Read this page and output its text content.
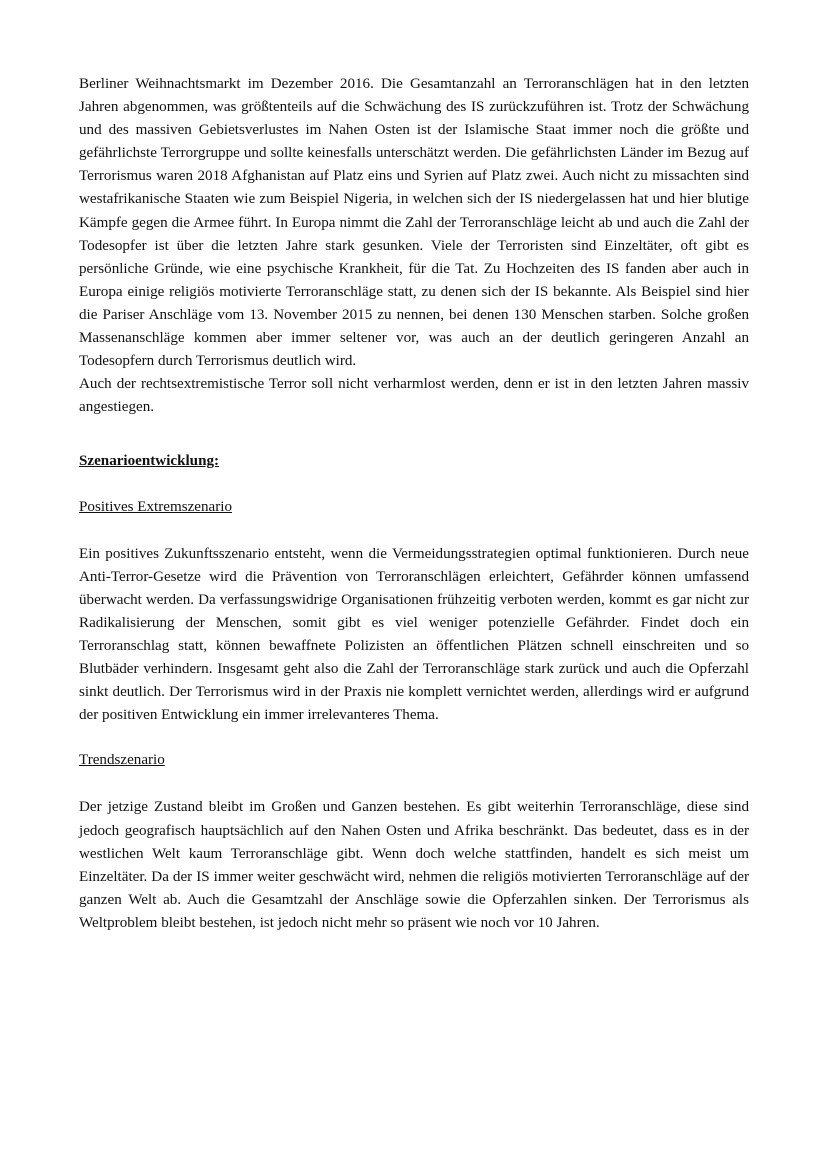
Berliner Weihnachtsmarkt im Dezember 2016. Die Gesamtanzahl an Terroranschlägen hat in den letzten Jahren abgenommen, was größtenteils auf die Schwächung des IS zurückzuführen ist. Trotz der Schwächung und des massiven Gebietsverlustes im Nahen Osten ist der Islamische Staat immer noch die größte und gefährlichste Terrorgruppe und sollte keinesfalls unterschätzt werden. Die gefährlichsten Länder im Bezug auf Terrorismus waren 2018 Afghanistan auf Platz eins und Syrien auf Platz zwei. Auch nicht zu missachten sind westafrikanische Staaten wie zum Beispiel Nigeria, in welchen sich der IS niedergelassen hat und hier blutige Kämpfe gegen die Armee führt. In Europa nimmt die Zahl der Terroranschläge leicht ab und auch die Zahl der Todesopfer ist über die letzten Jahre stark gesunken. Viele der Terroristen sind Einzeltäter, oft gibt es persönliche Gründe, wie eine psychische Krankheit, für die Tat. Zu Hochzeiten des IS fanden aber auch in Europa einige religiös motivierte Terroranschläge statt, zu denen sich der IS bekannte. Als Beispiel sind hier die Pariser Anschläge vom 13. November 2015 zu nennen, bei denen 130 Menschen starben. Solche großen Massenanschläge kommen aber immer seltener vor, was auch an der deutlich geringeren Anzahl an Todesopfern durch Terrorismus deutlich wird.

Auch der rechtsextremistische Terror soll nicht verharmlost werden, denn er ist in den letzten Jahren massiv angestiegen.

Szenarioentwicklung:
Positives Extremszenario

Ein positives Zukunftsszenario entsteht, wenn die Vermeidungsstrategien optimal funktionieren. Durch neue Anti-Terror-Gesetze wird die Prävention von Terroranschlägen erleichtert, Gefährder können umfassend überwacht werden. Da verfassungswidrige Organisationen frühzeitig verboten werden, kommt es gar nicht zur Radikalisierung der Menschen, somit gibt es viel weniger potenzielle Gefährder. Findet doch ein Terroranschlag statt, können bewaffnete Polizisten an öffentlichen Plätzen schnell einschreiten und so Blutbäder verhindern. Insgesamt geht also die Zahl der Terroranschläge stark zurück und auch die Opferzahl sinkt deutlich. Der Terrorismus wird in der Praxis nie komplett vernichtet werden, allerdings wird er aufgrund der positiven Entwicklung ein immer irrelevanteres Thema.

Trendszenario

Der jetzige Zustand bleibt im Großen und Ganzen bestehen. Es gibt weiterhin Terroranschläge, diese sind jedoch geografisch hauptsächlich auf den Nahen Osten und Afrika beschränkt. Das bedeutet, dass es in der westlichen Welt kaum Terroranschläge gibt. Wenn doch welche stattfinden, handelt es sich meist um Einzeltäter. Da der IS immer weiter geschwächt wird, nehmen die religiös motivierten Terroranschläge auf der ganzen Welt ab. Auch die Gesamtzahl der Anschläge sowie die Opferzahlen sinken. Der Terrorismus als Weltproblem bleibt bestehen, ist jedoch nicht mehr so präsent wie noch vor 10 Jahren.
